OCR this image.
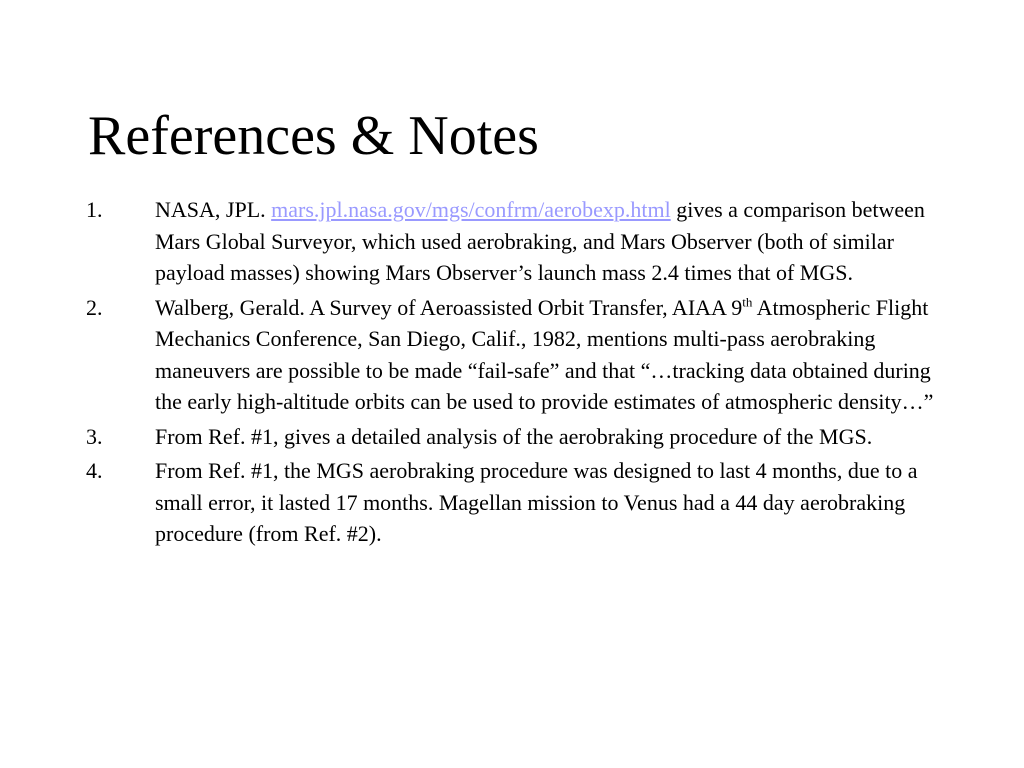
References & Notes
1.	NASA, JPL. mars.jpl.nasa.gov/mgs/confrm/aerobexp.html gives a comparison between Mars Global Surveyor, which used aerobraking, and Mars Observer (both of similar payload masses) showing Mars Observer’s launch mass 2.4 times that of MGS.
2.	Walberg, Gerald. A Survey of Aeroassisted Orbit Transfer, AIAA 9th Atmospheric Flight Mechanics Conference, San Diego, Calif., 1982, mentions multi-pass aerobraking maneuvers are possible to be made “fail-safe” and that “…tracking data obtained during the early high-altitude orbits can be used to provide estimates of atmospheric density…”
3.	From Ref. #1, gives a detailed analysis of the aerobraking procedure of the MGS.
4.	From Ref. #1, the MGS aerobraking procedure was designed to last 4 months, due to a small error, it lasted 17 months. Magellan mission to Venus had a 44 day aerobraking procedure (from Ref. #2).
